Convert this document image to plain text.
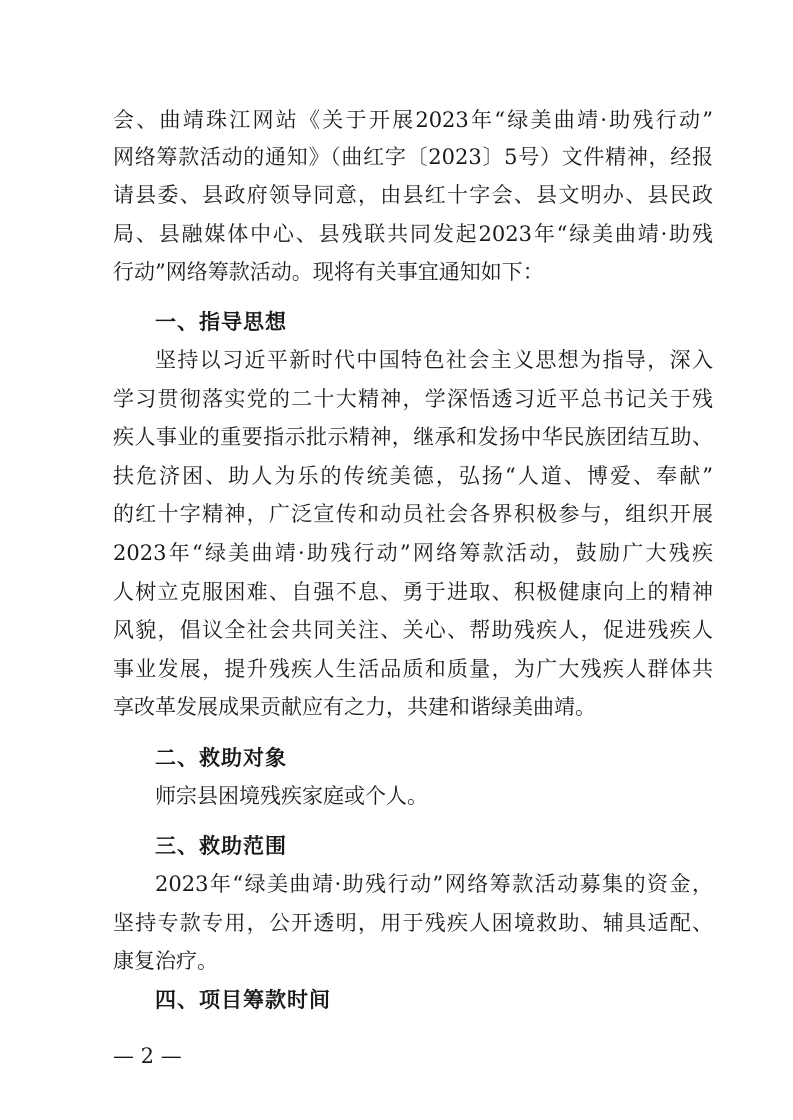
会、曲靖珠江网站《关于开展2023年“绿美曲靖·助残行动”
网络筹款活动的通知》（曲红字〔2023〕5号）文件精神，经报
请县委、县政府领导同意，由县红十字会、县文明办、县民政
局、县融媒体中心、县残联共同发起2023年“绿美曲靖·助残
行动”网络筹款活动。现将有关事宜通知如下：
一、指导思想
坚持以习近平新时代中国特色社会主义思想为指导，深入
学习贯彻落实党的二十大精神，学深悟透习近平总书记关于残
疾人事业的重要指示批示精神，继承和发扬中华民族团结互助、
扶危济困、助人为乐的传统美德，弘扬“人道、博爱、奉献”
的红十字精神，广泛宣传和动员社会各界积极参与，组织开展
2023年“绿美曲靖·助残行动”网络筹款活动，鼓励广大残疾
人树立克服困难、自强不息、勇于进取、积极健康向上的精神
风貌，倡议全社会共同关注、关心、帮助残疾人，促进残疾人
事业发展，提升残疾人生活品质和质量，为广大残疾人群体共
享改革发展成果贡献应有之力，共建和谐绿美曲靖。
二、救助对象
师宗县困境残疾家庭或个人。
三、救助范围
2023年“绿美曲靖·助残行动”网络筹款活动募集的资金，
坚持专款专用，公开透明，用于残疾人困境救助、辅具适配、
康复治疗。
四、项目筹款时间
— 2 —
